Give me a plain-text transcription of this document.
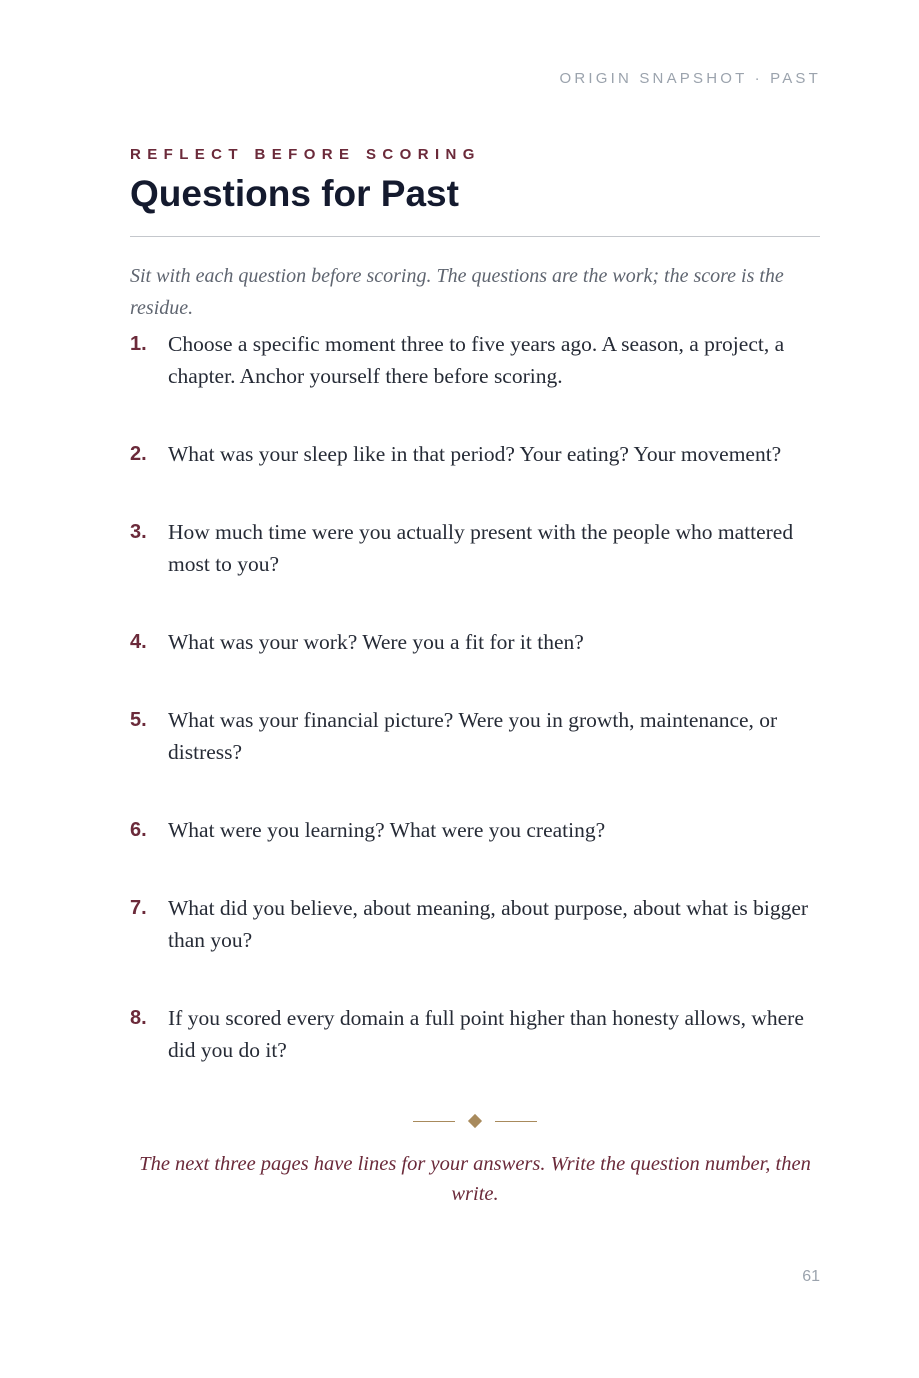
ORIGIN SNAPSHOT · PAST
REFLECT BEFORE SCORING
Questions for Past

Sit with each question before scoring. The questions are the work; the score is the residue.

1. Choose a specific moment three to five years ago. A season, a project, a chapter. Anchor yourself there before scoring.
2. What was your sleep like in that period? Your eating? Your movement?
3. How much time were you actually present with the people who mattered most to you?
4. What was your work? Were you a fit for it then?
5. What was your financial picture? Were you in growth, maintenance, or distress?
6. What were you learning? What were you creating?
7. What did you believe, about meaning, about purpose, about what is bigger than you?
8. If you scored every domain a full point higher than honesty allows, where did you do it?

The next three pages have lines for your answers. Write the question number, then write.

61
